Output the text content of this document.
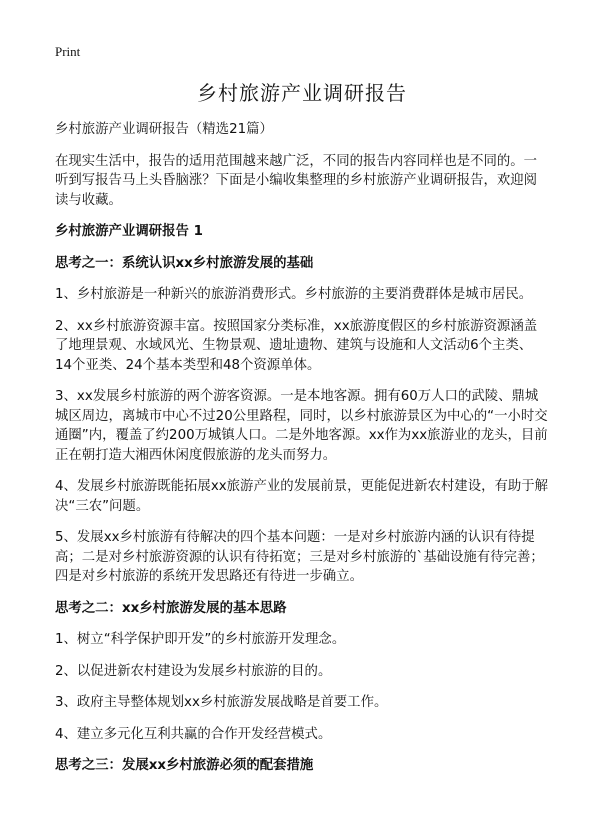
Print
乡村旅游产业调研报告

乡村旅游产业调研报告（精选21篇）

在现实生活中，报告的适用范围越来越广泛，不同的报告内容同样也是不同的。一听到写报告马上头昏脑涨？下面是小编收集整理的乡村旅游产业调研报告，欢迎阅读与收藏。

乡村旅游产业调研报告 1

思考之一：系统认识xx乡村旅游发展的基础

1、乡村旅游是一种新兴的旅游消费形式。乡村旅游的主要消费群体是城市居民。

2、xx乡村旅游资源丰富。按照国家分类标准，xx旅游度假区的乡村旅游资源涵盖了地理景观、水域风光、生物景观、遗址遗物、建筑与设施和人文活动6个主类、14个亚类、24个基本类型和48个资源单体。

3、xx发展乡村旅游的两个游客资源。一是本地客源。拥有60万人口的武陵、鼎城城区周边，离城市中心不过20公里路程，同时，以乡村旅游景区为中心的“一小时交通圈”内，覆盖了约200万城镇人口。二是外地客源。xx作为xx旅游业的龙头，目前正在朝打造大湘西休闲度假旅游的龙头而努力。

4、发展乡村旅游既能拓展xx旅游产业的发展前景，更能促进新农村建设，有助于解决“三农”问题。

5、发展xx乡村旅游有待解决的四个基本问题：一是对乡村旅游内涵的认识有待提高；二是对乡村旅游资源的认识有待拓宽；三是对乡村旅游的`基础设施有待完善；四是对乡村旅游的系统开发思路还有待进一步确立。

思考之二：xx乡村旅游发展的基本思路

1、树立“科学保护即开发”的乡村旅游开发理念。

2、以促进新农村建设为发展乡村旅游的目的。

3、政府主导整体规划xx乡村旅游发展战略是首要工作。

4、建立多元化互利共赢的合作开发经营模式。

思考之三：发展xx乡村旅游必须的配套措施
